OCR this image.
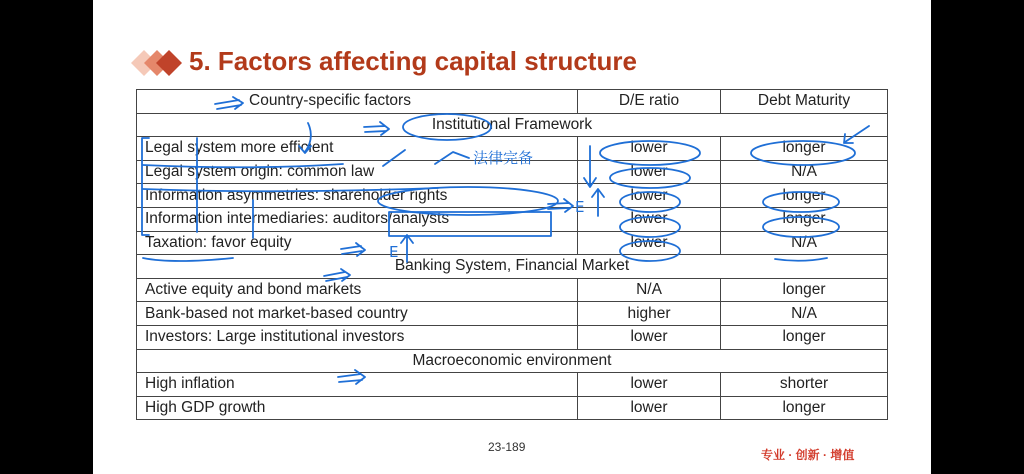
5. Factors affecting capital structure
Country-specific factors	D/E ratio	Debt Maturity
Institutional Framework		
Legal system more efficient	lower	longer
Legal system origin: common law	lower	N/A
Information asymmetries: shareholder rights	lower	longer
Information intermediaries: auditors/analysts	lower	longer
Taxation: favor equity	lower	N/A
Banking System, Financial Market		
Active equity and bond markets	N/A	longer
Bank-based not market-based country	higher	N/A
Investors: Large institutional investors	lower	longer
Macroeconomic environment		
High inflation	lower	shorter
High GDP growth	lower	longer
法律完备
E
E
23-189
专业 · 创新 · 增值
